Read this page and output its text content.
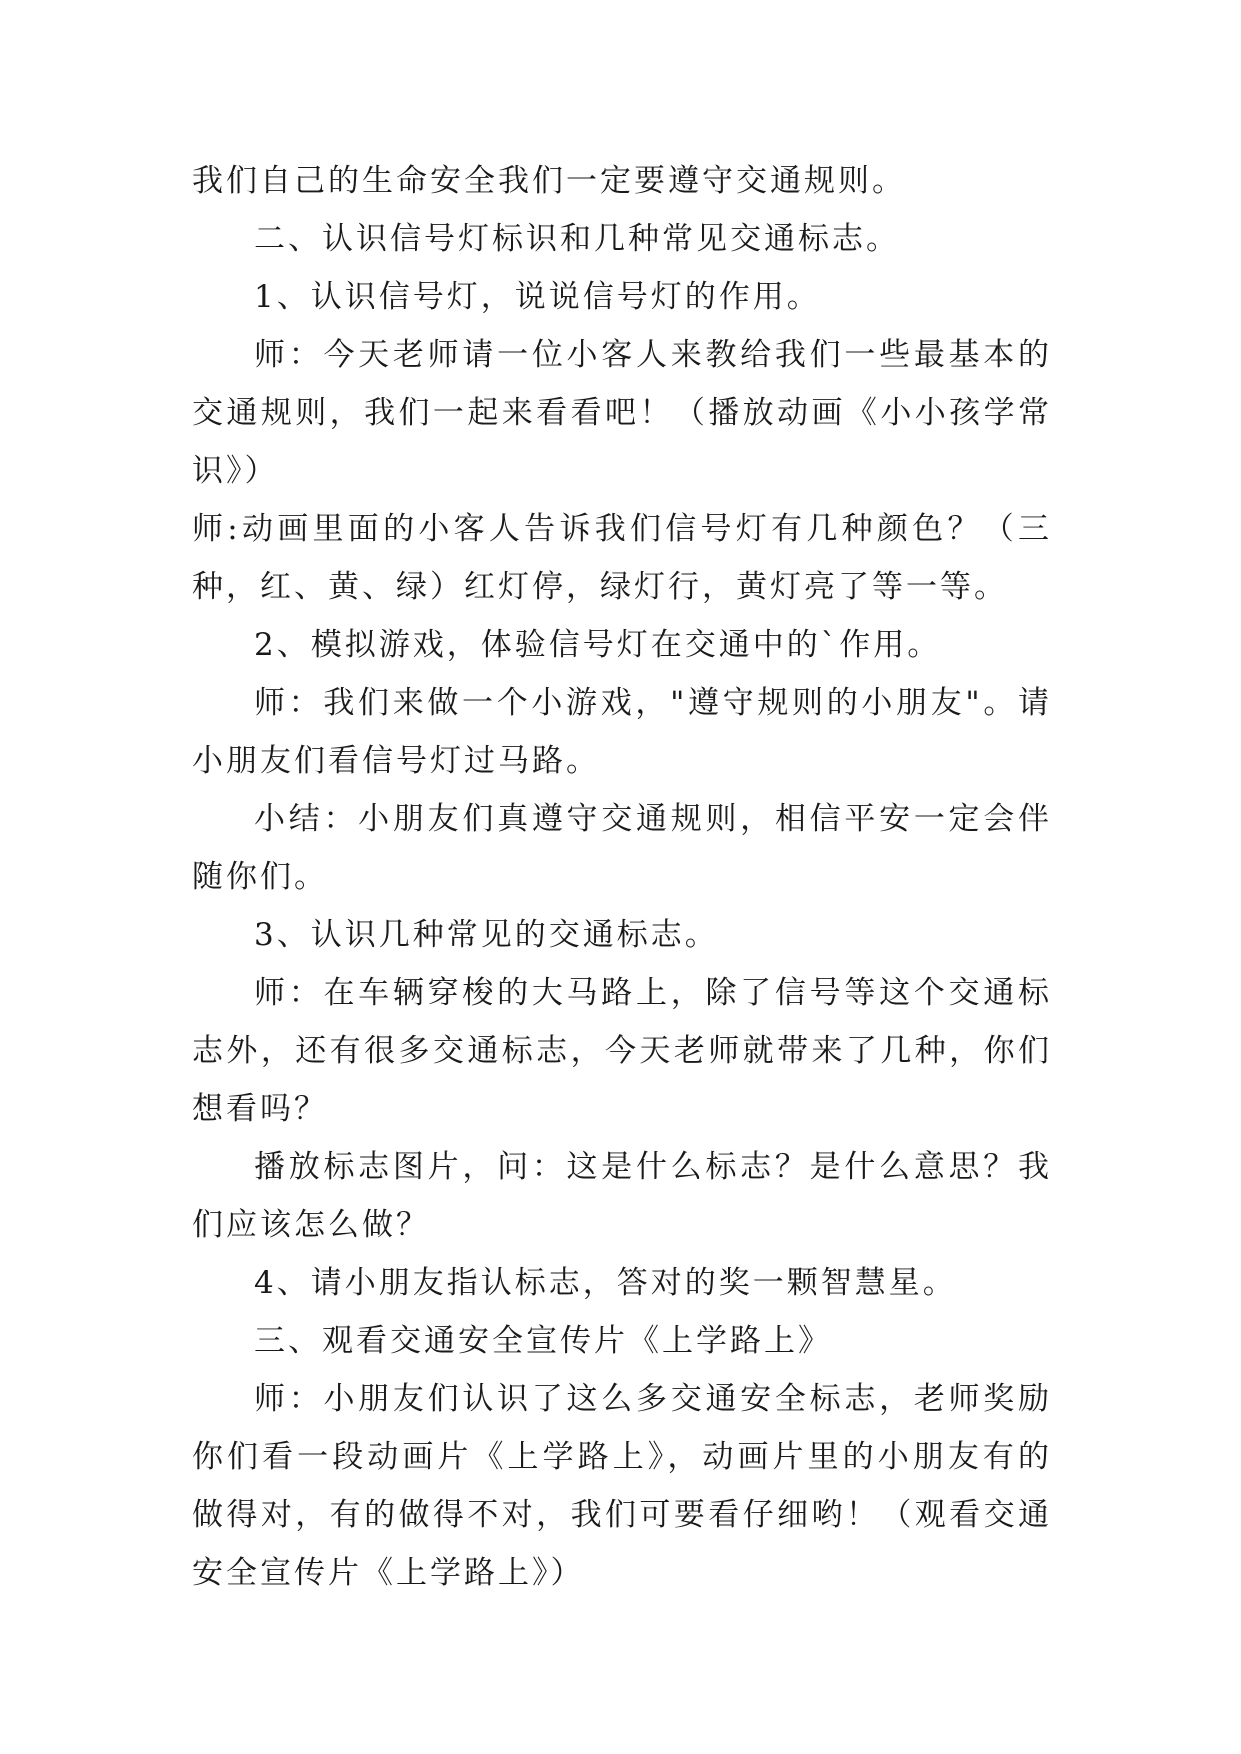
我们自己的生命安全我们一定要遵守交通规则。

二、认识信号灯标识和几种常见交通标志。

1、认识信号灯，说说信号灯的作用。

师：今天老师请一位小客人来教给我们一些最基本的交通规则，我们一起来看看吧！（播放动画《小小孩学常识》）

师:动画里面的小客人告诉我们信号灯有几种颜色？（三种，红、黄、绿）红灯停，绿灯行，黄灯亮了等一等。

2、模拟游戏，体验信号灯在交通中的`作用。

师：我们来做一个小游戏，"遵守规则的小朋友"。请小朋友们看信号灯过马路。

小结：小朋友们真遵守交通规则，相信平安一定会伴随你们。

3、认识几种常见的交通标志。

师：在车辆穿梭的大马路上，除了信号等这个交通标志外，还有很多交通标志，今天老师就带来了几种，你们想看吗？

播放标志图片，问：这是什么标志？是什么意思？我们应该怎么做？

4、请小朋友指认标志，答对的奖一颗智慧星。

三、观看交通安全宣传片《上学路上》

师：小朋友们认识了这么多交通安全标志，老师奖励你们看一段动画片《上学路上》，动画片里的小朋友有的做得对，有的做得不对，我们可要看仔细哟！（观看交通安全宣传片《上学路上》）
